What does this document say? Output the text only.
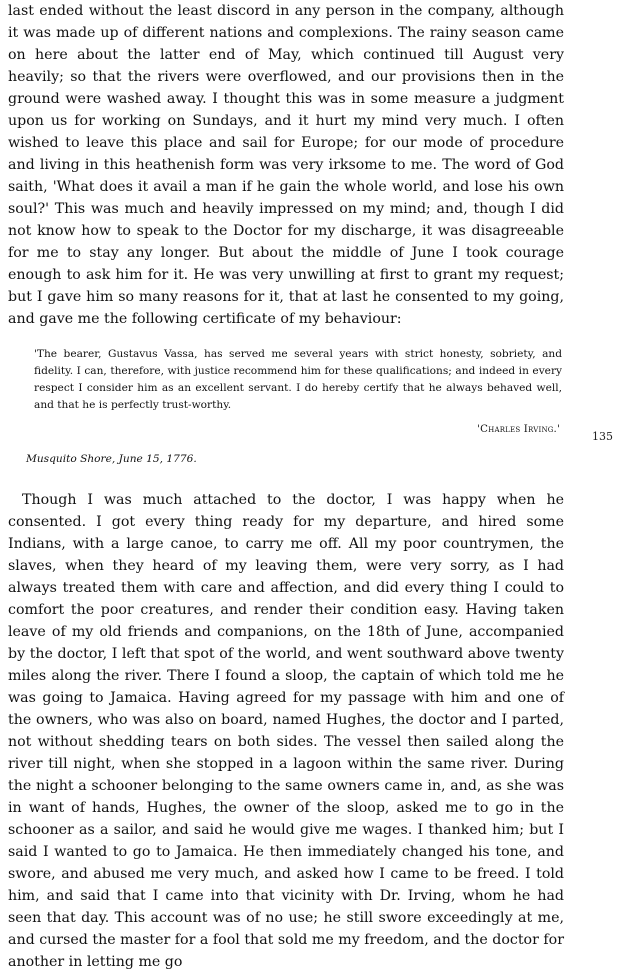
last ended without the least discord in any person in the company, although it was made up of different nations and complexions. The rainy season came on here about the latter end of May, which continued till August very heavily; so that the rivers were overflowed, and our provisions then in the ground were washed away. I thought this was in some measure a judgment upon us for working on Sundays, and it hurt my mind very much. I often wished to leave this place and sail for Europe; for our mode of procedure and living in this heathenish form was very irksome to me. The word of God saith, 'What does it avail a man if he gain the whole world, and lose his own soul?' This was much and heavily impressed on my mind; and, though I did not know how to speak to the Doctor for my discharge, it was disagreeable for me to stay any longer. But about the middle of June I took courage enough to ask him for it. He was very unwilling at first to grant my request; but I gave him so many reasons for it, that at last he consented to my going, and gave me the following certificate of my behaviour:

'The bearer, Gustavus Vassa, has served me several years with strict honesty, sobriety, and fidelity. I can, therefore, with justice recommend him for these qualifications; and indeed in every respect I consider him as an excellent servant. I do hereby certify that he always behaved well, and that he is perfectly trust-worthy.
'Charles Irving.'
Musquito Shore, June 15, 1776.

Though I was much attached to the doctor, I was happy when he consented. I got every thing ready for my departure, and hired some Indians, with a large canoe, to carry me off. All my poor countrymen, the slaves, when they heard of my leaving them, were very sorry, as I had always treated them with care and affection, and did every thing I could to comfort the poor creatures, and render their condition easy. Having taken leave of my old friends and companions, on the 18th of June, accompanied by the doctor, I left that spot of the world, and went southward above twenty miles along the river. There I found a sloop, the captain of which told me he was going to Jamaica. Having agreed for my passage with him and one of the owners, who was also on board, named Hughes, the doctor and I parted, not without shedding tears on both sides. The vessel then sailed along the river till night, when she stopped in a lagoon within the same river. During the night a schooner belonging to the same owners came in, and, as she was in want of hands, Hughes, the owner of the sloop, asked me to go in the schooner as a sailor, and said he would give me wages. I thanked him; but I said I wanted to go to Jamaica. He then immediately changed his tone, and swore, and abused me very much, and asked how I came to be freed. I told him, and said that I came into that vicinity with Dr. Irving, whom he had seen that day. This account was of no use; he still swore exceedingly at me, and cursed the master for a fool that sold me my freedom, and the doctor for another in letting me go

135
